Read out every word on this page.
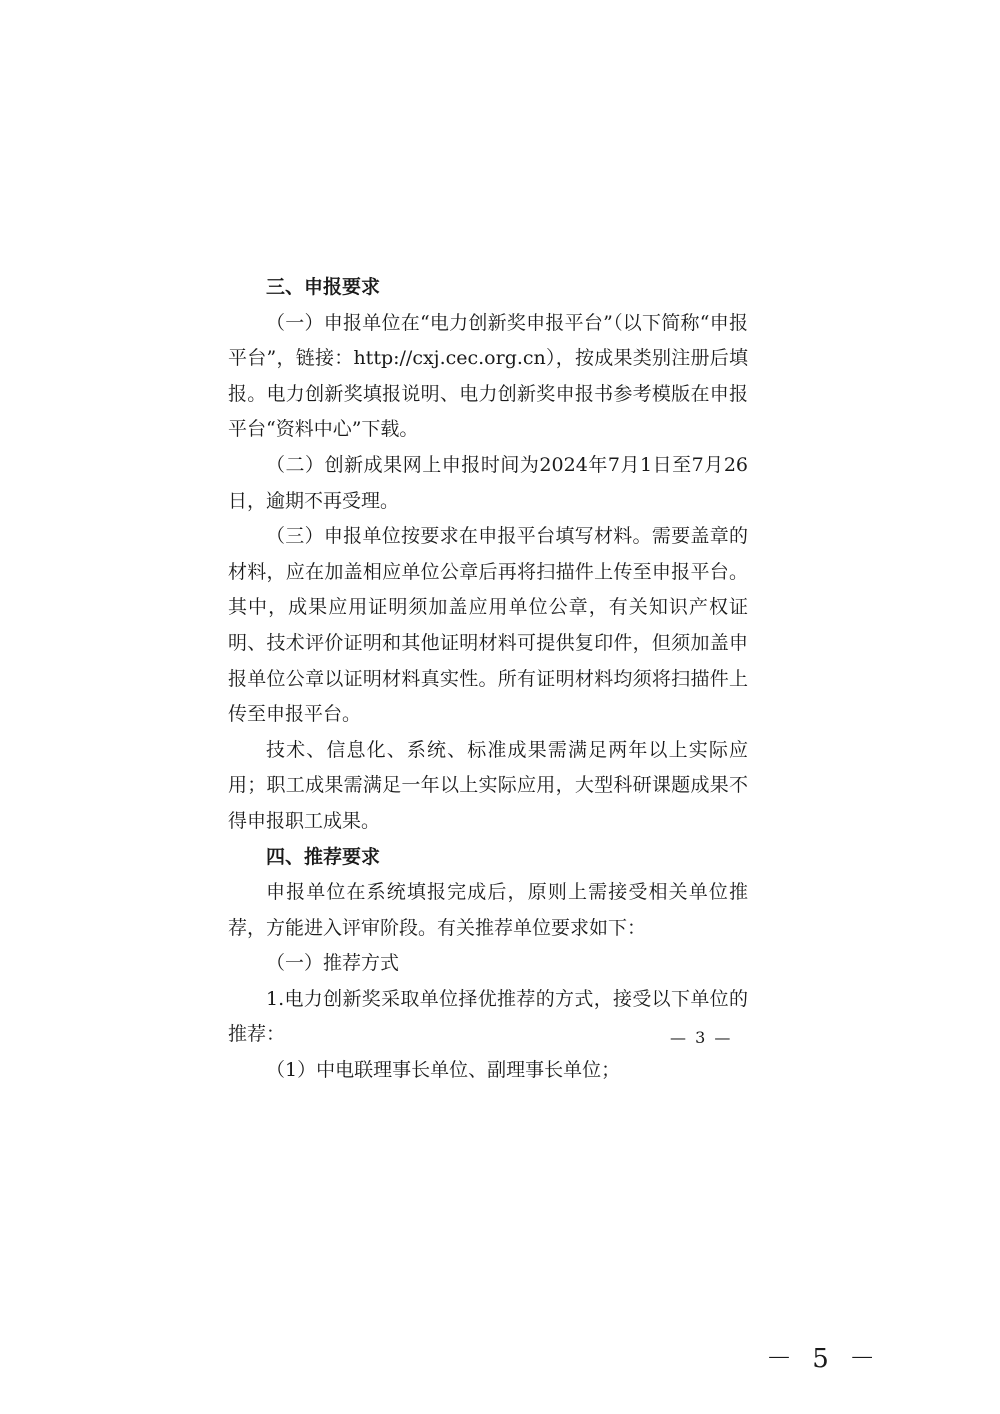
三、申报要求

（一）申报单位在“电力创新奖申报平台”（以下简称“申报平台”，链接：http://cxj.cec.org.cn），按成果类别注册后填报。电力创新奖填报说明、电力创新奖申报书参考模版在申报平台“资料中心”下载。

（二）创新成果网上申报时间为2024年7月1日至7月26日，逾期不再受理。

（三）申报单位按要求在申报平台填写材料。需要盖章的材料，应在加盖相应单位公章后再将扫描件上传至申报平台。其中，成果应用证明须加盖应用单位公章，有关知识产权证明、技术评价证明和其他证明材料可提供复印件，但须加盖申报单位公章以证明材料真实性。所有证明材料均须将扫描件上传至申报平台。

技术、信息化、系统、标准成果需满足两年以上实际应用；职工成果需满足一年以上实际应用，大型科研课题成果不得申报职工成果。

四、推荐要求

申报单位在系统填报完成后，原则上需接受相关单位推荐，方能进入评审阶段。有关推荐单位要求如下：

（一）推荐方式

1.电力创新奖采取单位择优推荐的方式，接受以下单位的推荐：

（1）中电联理事长单位、副理事长单位；

— 3 —
－ 5 －
